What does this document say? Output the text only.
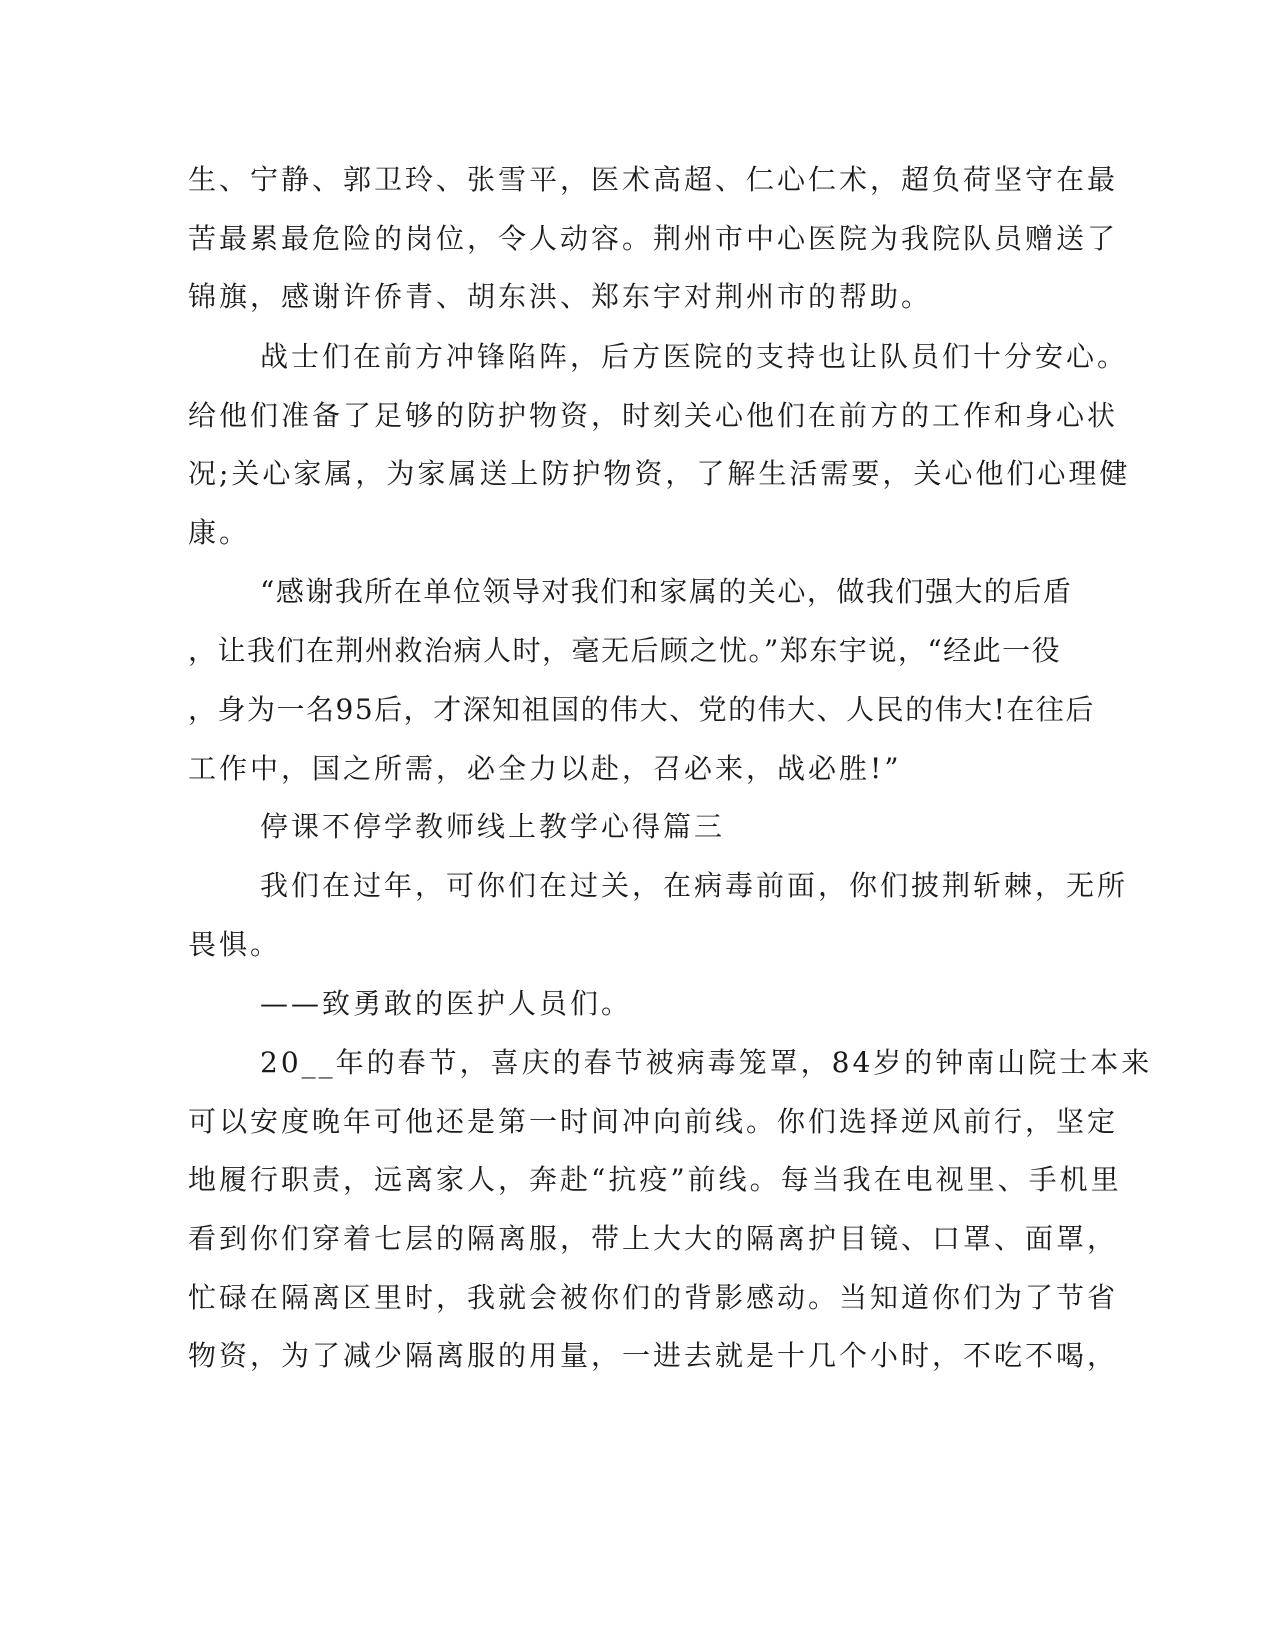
生、宁静、郭卫玲、张雪平，医术高超、仁心仁术，超负荷坚守在最

苦最累最危险的岗位，令人动容。荆州市中心医院为我院队员赠送了

锦旗，感谢许侨青、胡东洪、郑东宇对荆州市的帮助。

战士们在前方冲锋陷阵，后方医院的支持也让队员们十分安心。

给他们准备了足够的防护物资，时刻关心他们在前方的工作和身心状

况;关心家属，为家属送上防护物资，了解生活需要，关心他们心理健

康。

“感谢我所在单位领导对我们和家属的关心，做我们强大的后盾

，让我们在荆州救治病人时，毫无后顾之忧。”郑东宇说，“经此一役

，身为一名95后，才深知祖国的伟大、党的伟大、人民的伟大!在往后

工作中，国之所需，必全力以赴，召必来，战必胜!”

停课不停学教师线上教学心得篇三

我们在过年，可你们在过关，在病毒前面，你们披荆斩棘，无所

畏惧。

——致勇敢的医护人员们。

20__年的春节，喜庆的春节被病毒笼罩，84岁的钟南山院士本来

可以安度晚年可他还是第一时间冲向前线。你们选择逆风前行，坚定

地履行职责，远离家人，奔赴“抗疫”前线。每当我在电视里、手机里

看到你们穿着七层的隔离服，带上大大的隔离护目镜、口罩、面罩，

忙碌在隔离区里时，我就会被你们的背影感动。当知道你们为了节省

物资，为了减少隔离服的用量，一进去就是十几个小时，不吃不喝，
